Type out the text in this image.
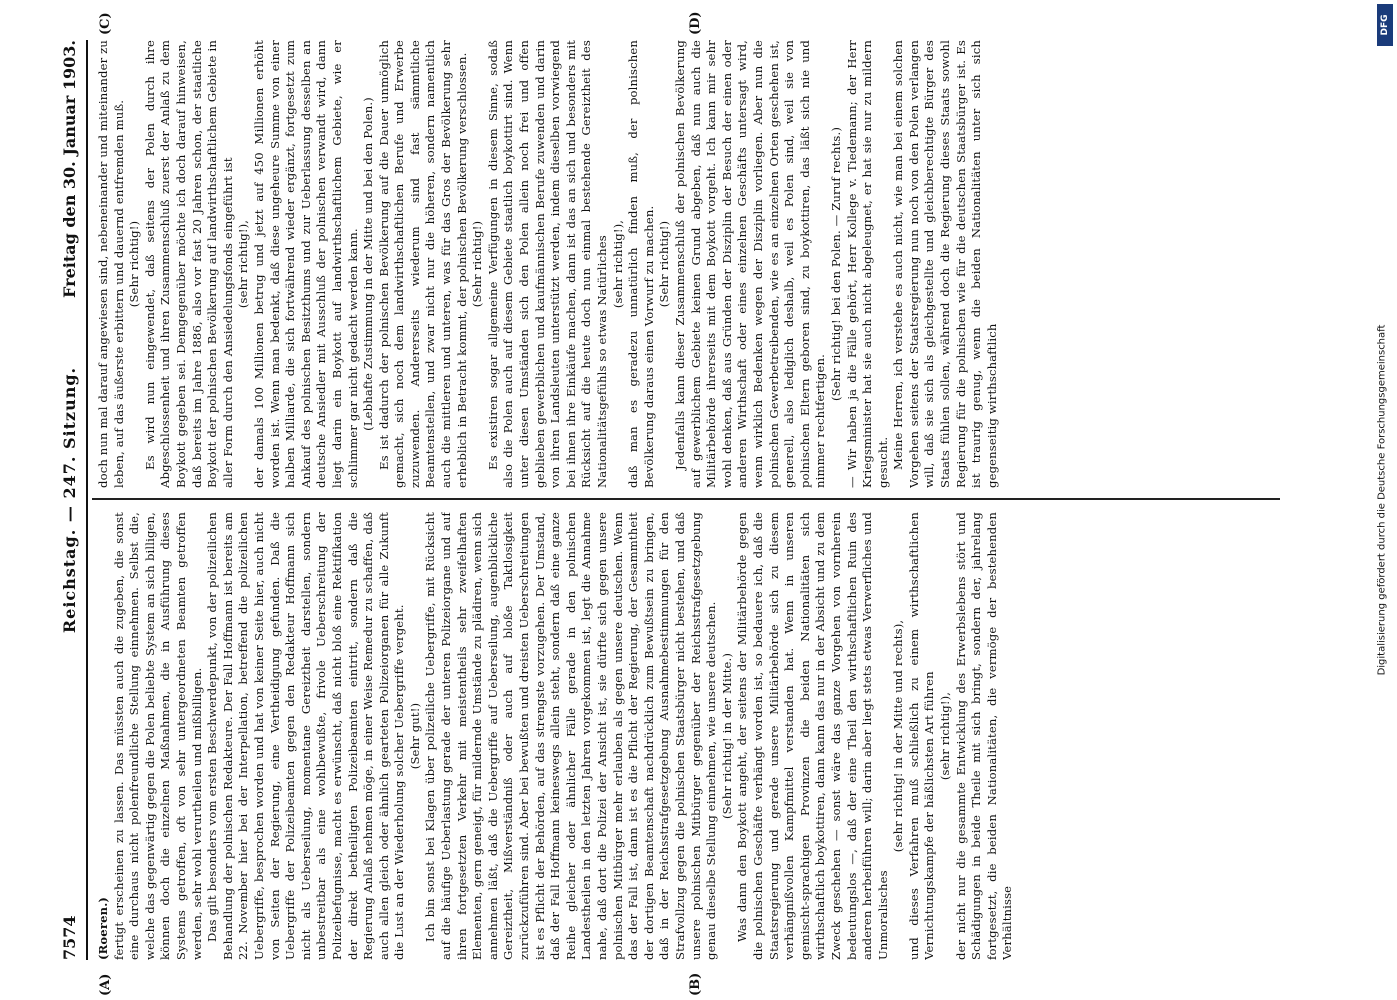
7574
Reichstag. — 247. Sitzung.
Freitag den 30. Januar 1903.
(A)	(B)
(C)	(D)

(Roeren.) fertigt erscheinen zu lassen. Das müssten auch die zugeben, die sonst eine durchaus nicht polenfreundliche Stellung einnehmen. Selbst die, welche das gegenwärtig gegen die Polen beliebte System an sich billigen, können doch die einzelnen Maßnahmen, die in Ausführung dieses Systems getroffen, oft von sehr untergeordneten Beamten getroffen werden, sehr wohl verurtheilen und mißbilligen. Das gilt besonders vom ersten Beschwerdepunkt, von der polizeilichen Behandlung der polnischen Redakteure. Der Fall Hoffmann ist bereits am 22. November hier bei der Interpellation, betreffend die polizeilichen Uebergriffe, besprochen worden und hat von keiner Seite hier, auch nicht von Seiten der Regierung, eine Vertheidigung gefunden. Daß die Uebergriffe der Polizeibeamten gegen den Redakteur Hoffmann sich nicht als Ueberseilung, momentane Gereiztheit darstellen, sondern unbestreitbar als eine wohlbewußte, frivole Ueberschreitung der Polizeibefugnisse, macht es erwünscht, daß nicht bloß eine Rektifikation der direkt betheiligten Polizeibeamten eintritt, sondern daß die Regierung Anlaß nehmen möge, in einer Weise Remedur zu schaffen, daß auch allen gleich oder ähnlich gearteten Polizeiorganen für alle Zukunft die Lust an der Wiederholung solcher Uebergriffe vergeht. (Sehr gut!) Ich bin sonst bei Klagen über polizeiliche Uebergriffe, mit Rücksicht auf die häufige Ueberlastung gerade der unteren Polizeiorgane und auf ihren fortgesetzten Verkehr mit meistentheils sehr zweifelhaften Elementen, gern geneigt, für mildernde Umstände zu plädiren, wenn sich annehmen läßt, daß die Uebergriffe auf Ueberseilung, augenblickliche Gereiztheit, Mißverständniß oder auch auf bloße Taktlosigkeit zurückzuführen sind. Aber bei bewußten und dreisten Ueberschreitungen ist es Pflicht der Behörden, auf das strengste vorzugehen. Der Umstand, daß der Fall Hoffmann keineswegs allein steht, sondern daß eine ganze Reihe gleicher oder ähnlicher Fälle gerade in den polnischen Landestheilen in den letzten Jahren vorgekommen ist, legt die Annahme nahe, daß dort die Polizei der Ansicht ist, sie dürfte sich gegen unsere polnischen Mitbürger mehr erlauben als gegen unsere deutschen. Wenn das der Fall ist, dann ist es die Pflicht der Regierung, der Gesammtheit der dortigen Beamtenschaft nachdrücklich zum Bewußtsein zu bringen, daß in der Reichsstrafgesetzgebung Ausnahmebestimmungen für den Strafvollzug gegen die polnischen Staatsbürger nicht bestehen, und daß unsere polnischen Mitbürger gegenüber der Reichsstrafgesetzgebung genau dieselbe Stellung einnehmen, wie unsere deutschen. (Sehr richtig! in der Mitte.) Was dann den Boykott angeht, der seitens der Militärbehörde gegen die polnischen Geschäfte verhängt worden ist, so bedauere ich, daß die Staatsregierung und gerade unsere Militärbehörde sich zu diesem verhängnißvollen Kampfmittel verstanden hat. Wenn in unseren gemischt-sprachigen Provinzen die beiden Nationalitäten sich wirthschaftlich boykottiren, dann kann das nur in der Absicht und zu dem Zweck geschehen — sonst wäre das ganze Vorgehen von vornherein bedeutungslos —, daß der eine Theil den wirthschaftlichen Ruin des anderen herbeiführen will; darin aber liegt stets etwas Verwerfliches und Unmoralisches

(sehr richtig! in der Mitte und rechts), und dieses Verfahren muß schließlich zu einem wirthschaftlichen Vernichtungskampfe der häßlichsten Art führen (sehr richtig!), der nicht nur die gesammte Entwicklung des Erwerbslebens stört und Schädigungen in beide Theile mit sich bringt, sondern der, jahrelang fortgesetzt, die beiden Nationalitäten, die vermöge der bestehenden Verhältnisse

doch nun mal darauf angewiesen sind, nebeneinander und miteinander zu leben, auf das äußerste erbittern und dauernd entfremden muß. (Sehr richtig!) Es wird nun eingewendet, daß seitens der Polen durch ihre Abgeschlossenheit und ihren Zusammenschluß zuerst der Anlaß zu dem Boykott gegeben sei. Demgegenüber möchte ich doch darauf hinweisen, daß bereits im Jahre 1886, also vor fast 20 Jahren schon, der staatliche Boykott der polnischen Bevölkerung auf landwirthschaftlichem Gebiete in aller Form durch den Ansiedelungsfonds eingeführt ist (sehr richtig!), der damals 100 Millionen betrug und jetzt auf 450 Millionen erhöht worden ist. Wenn man bedenkt, daß diese ungeheure Summe von einer halben Milliarde, die sich fortwährend wieder ergänzt, fortgesetzt zum Ankauf des polnischen Besitzthums und zur Ueberlassung desselben an deutsche Ansiedler mit Ausschluß der polnischen verwandt wird, dann liegt darin ein Boykott auf landwirthschaftlichem Gebiete, wie er schlimmer gar nicht gedacht werden kann. (Lebhafte Zustimmung in der Mitte und bei den Polen.) Es ist dadurch der polnischen Bevölkerung auf die Dauer unmöglich gemacht, sich noch dem landwirthschaftlichen Berufe und Erwerbe zuzuwenden. Andererseits wiederum sind fast sämmtliche Beamtenstellen, und zwar nicht nur die höheren, sondern namentlich auch die mittleren und unteren, was für das Gros der Bevölkerung sehr erheblich in Betracht kommt, der polnischen Bevölkerung verschlossen. (Sehr richtig!) Es existiren sogar allgemeine Verfügungen in diesem Sinne, sodaß also die Polen auch auf diesem Gebiete staatlich boykottirt sind. Wenn unter diesen Umständen sich den Polen allein noch frei und offen geblieben gewerblichen und kaufmännischen Berufe zuwenden und darin von ihren Landsleuten unterstützt werden, indem dieselben vorwiegend bei ihnen ihre Einkäufe machen, dann ist das an sich und besonders mit Rücksicht auf die heute doch nun einmal bestehende Gereiztheit des Nationalitätsgefühls so etwas Natürliches (sehr richtig!), daß man es geradezu unnatürlich finden muß, der polnischen Bevölkerung daraus einen Vorwurf zu machen. (Sehr richtig!) Jedenfalls kann dieser Zusammenschluß der polnischen Bevölkerung auf gewerblichem Gebiete keinen Grund abgeben, daß nun auch die Militärbehörde ihrerseits mit dem Boykott vorgeht. Ich kann mir sehr wohl denken, daß aus Gründen der Disziplin der Besuch der einen oder anderen Wirthschaft oder eines einzelnen Geschäfts untersagt wird, wenn wirklich Bedenken wegen der Disziplin vorliegen. Aber nun die polnischen Gewerbetreibenden, wie es an einzelnen Orten geschehen ist, generell, also lediglich deshalb, weil es Polen sind, weil sie von polnischen Eltern geboren sind, zu boykottiren, das läßt sich nie und nimmer rechtfertigen.

(Sehr richtig! bei den Polen. — Zuruf rechts.) — Wir haben ja die Fälle gehört, Herr Kollege v. Tiedemann; der Herr Kriegsminister hat sie auch nicht abgeleugnet, er hat sie nur zu mildern gesucht. Meine Herren, ich verstehe es auch nicht, wie man bei einem solchen Vorgehen seitens der Staatsregierung nun noch von den Polen verlangen will, daß sie sich als gleichgestellte und gleichberechtigte Bürger des Staats fühlen sollen, während doch die Regierung dieses Staats sowohl Regierung für die polnischen wie für die deutschen Staatsbürger ist. Es ist traurig genug, wenn die beiden Nationalitäten unter sich sich gegenseitig wirthschaftlich

DFG
Digitalisierung gefördert durch die Deutsche Forschungsgemeinschaft
